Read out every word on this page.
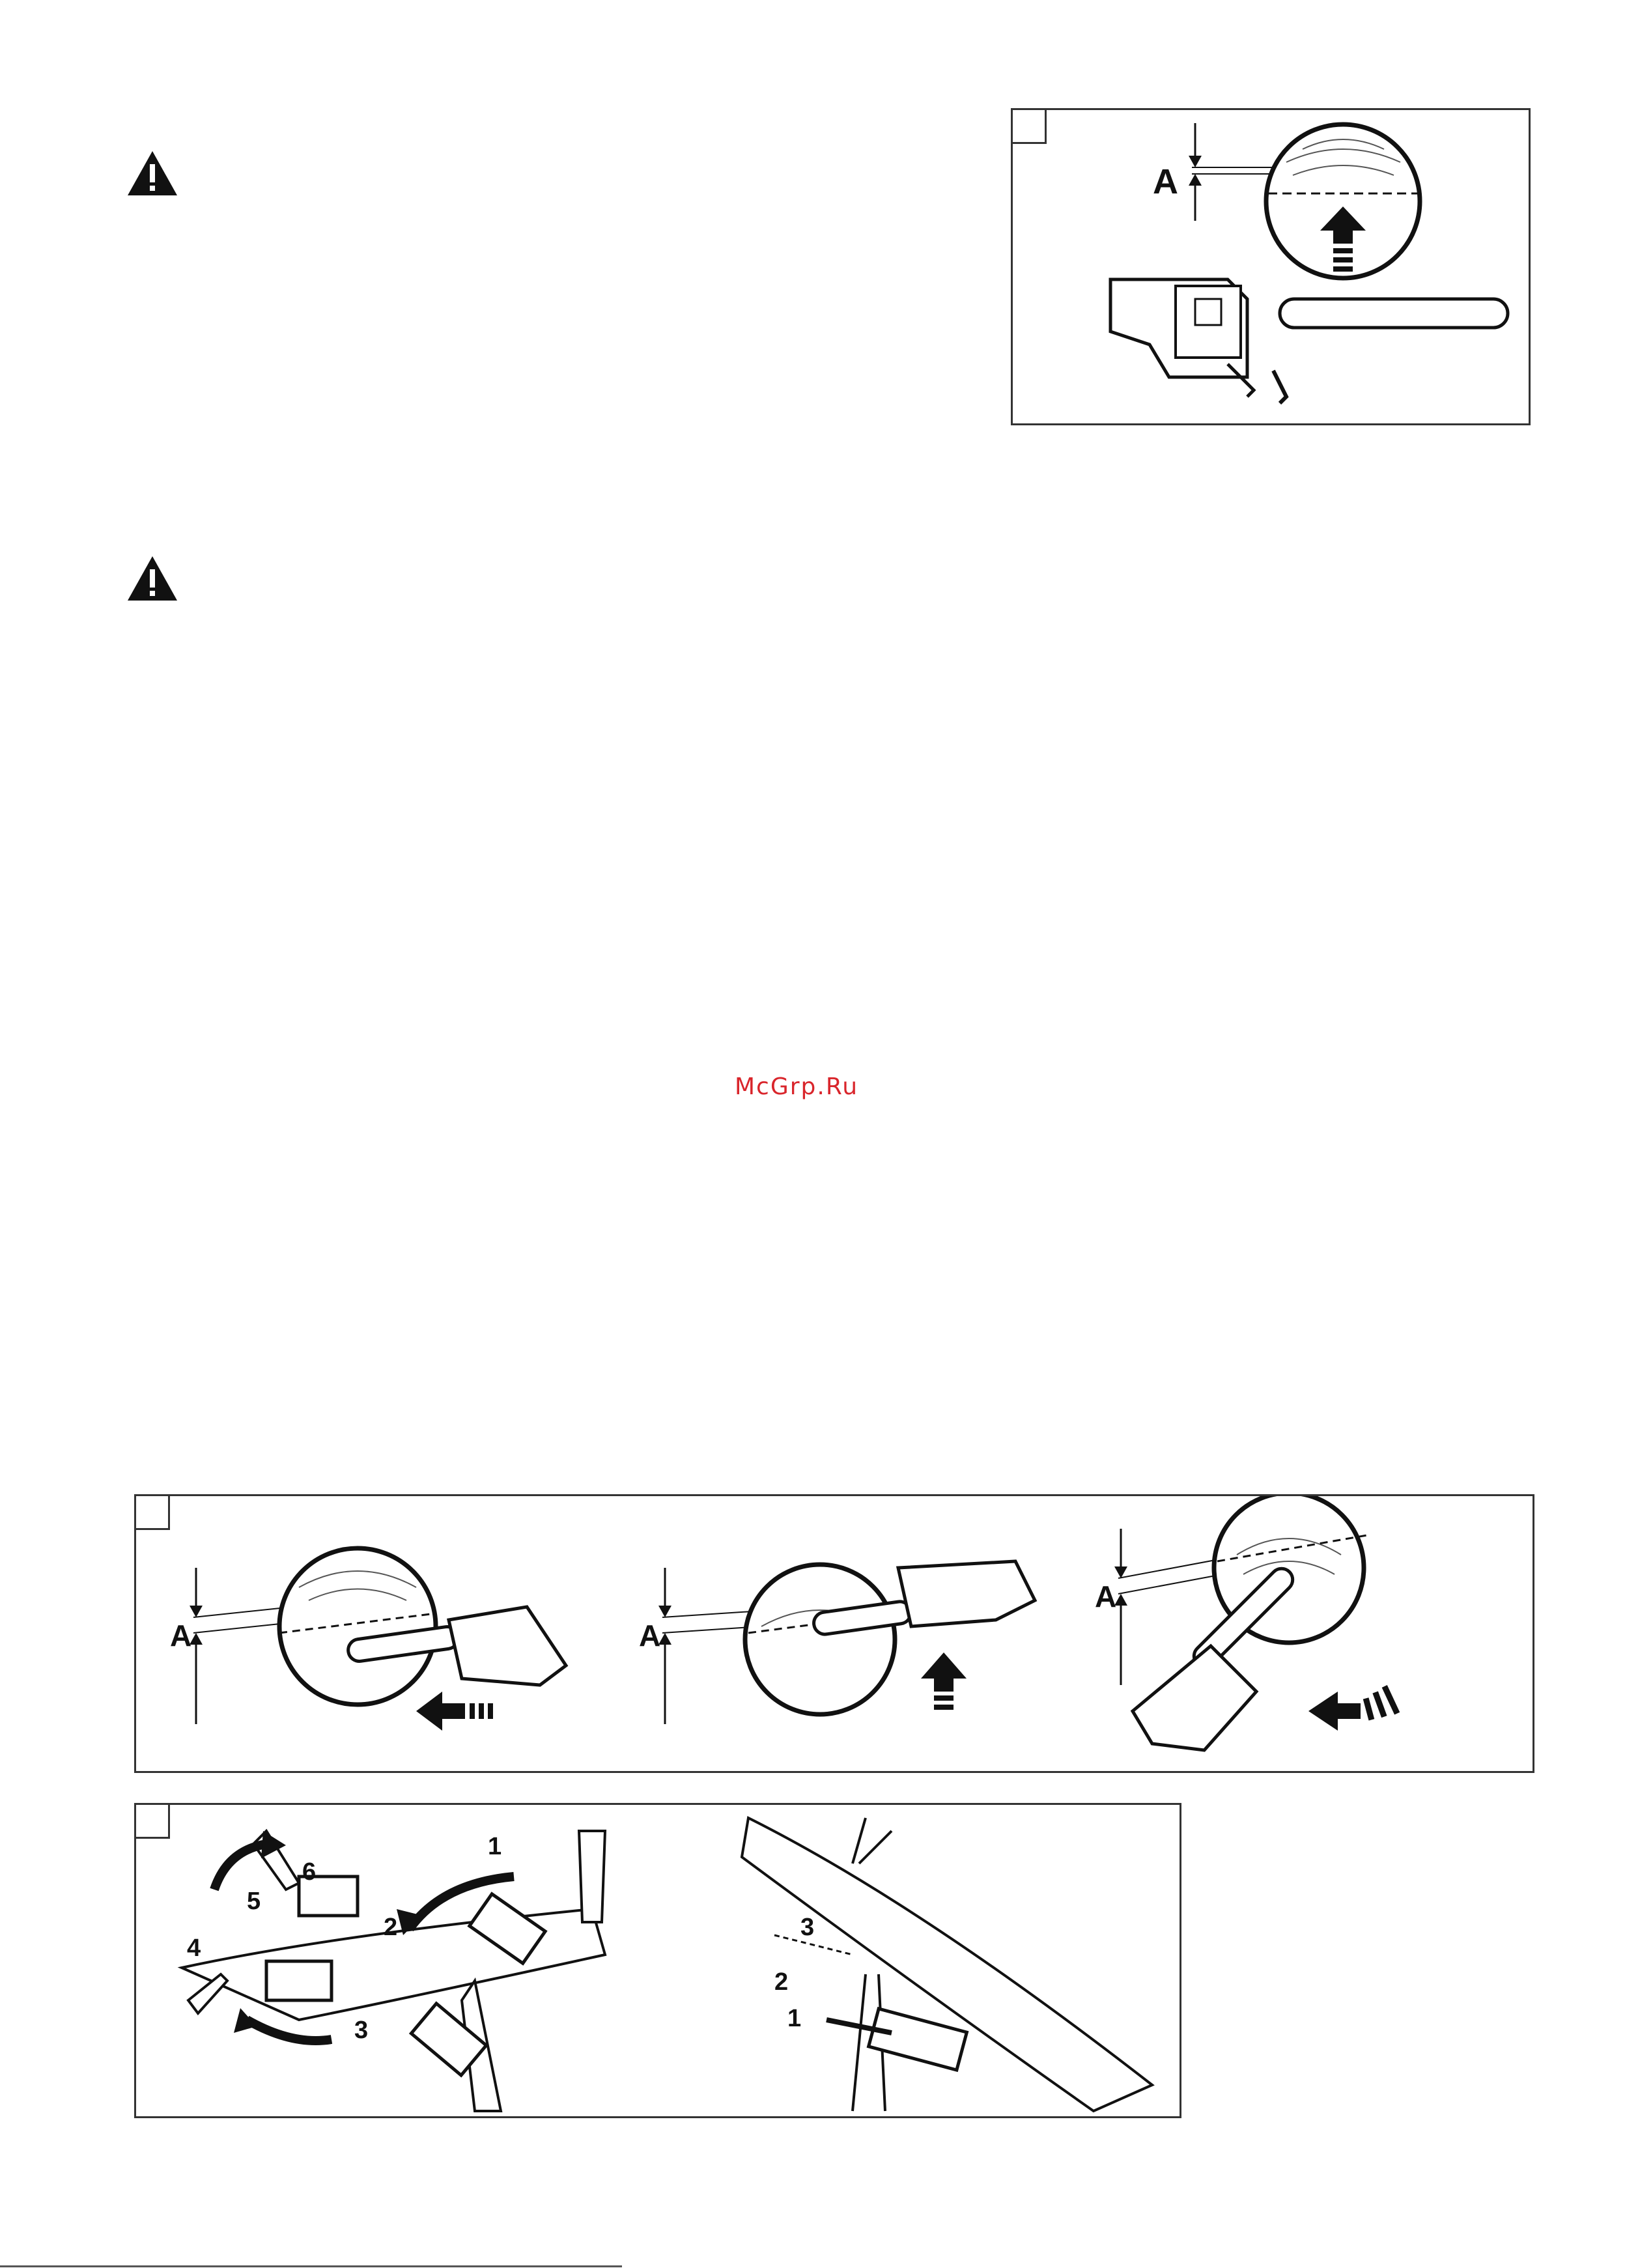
A
A	A
A
6
5
4
2
3
1
3
2
1
McGrp.Ru
